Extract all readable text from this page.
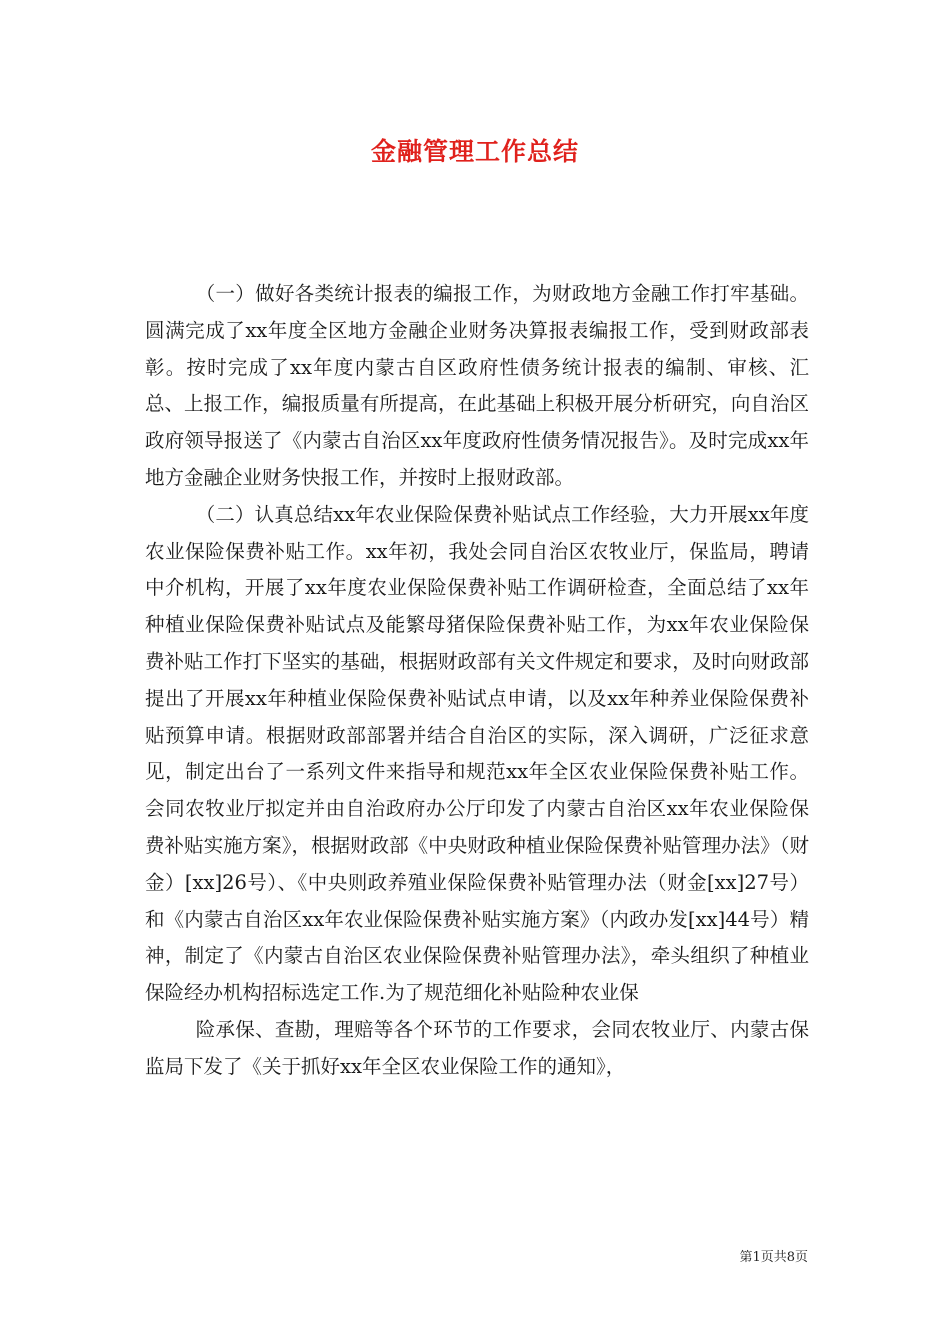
金融管理工作总结

（一）做好各类统计报表的编报工作，为财政地方金融工作打牢基础。圆满完成了xx年度全区地方金融企业财务决算报表编报工作，受到财政部表彰。按时完成了xx年度内蒙古自区政府性债务统计报表的编制、审核、汇总、上报工作，编报质量有所提高，在此基础上积极开展分析研究，向自治区政府领导报送了《内蒙古自治区xx年度政府性债务情况报告》。及时完成xx年地方金融企业财务快报工作，并按时上报财政部。

（二）认真总结xx年农业保险保费补贴试点工作经验，大力开展xx年度农业保险保费补贴工作。xx年初，我处会同自治区农牧业厅，保监局，聘请中介机构，开展了xx年度农业保险保费补贴工作调研检查，全面总结了xx年种植业保险保费补贴试点及能繁母猪保险保费补贴工作，为xx年农业保险保费补贴工作打下坚实的基础，根据财政部有关文件规定和要求，及时向财政部提出了开展xx年种植业保险保费补贴试点申请，以及xx年种养业保险保费补贴预算申请。根据财政部部署并结合自治区的实际，深入调研，广泛征求意见，制定出台了一系列文件来指导和规范xx年全区农业保险保费补贴工作。会同农牧业厅拟定并由自治政府办公厅印发了内蒙古自治区xx年农业保险保费补贴实施方案》，根据财政部《中央财政种植业保险保费补贴管理办法》（财金）[xx]26号）、《中央则政养殖业保险保费补贴管理办法（财金[xx]27号）和《内蒙古自治区xx年农业保险保费补贴实施方案》（内政办发[xx]44号）精神，制定了《内蒙古自治区农业保险保费补贴管理办法》，牵头组织了种植业保险经办机构招标选定工作.为了规范细化补贴险种农业保

险承保、查勘，理赔等各个环节的工作要求，会同农牧业厅、内蒙古保监局下发了《关于抓好xx年全区农业保险工作的通知》，

第1页共8页
